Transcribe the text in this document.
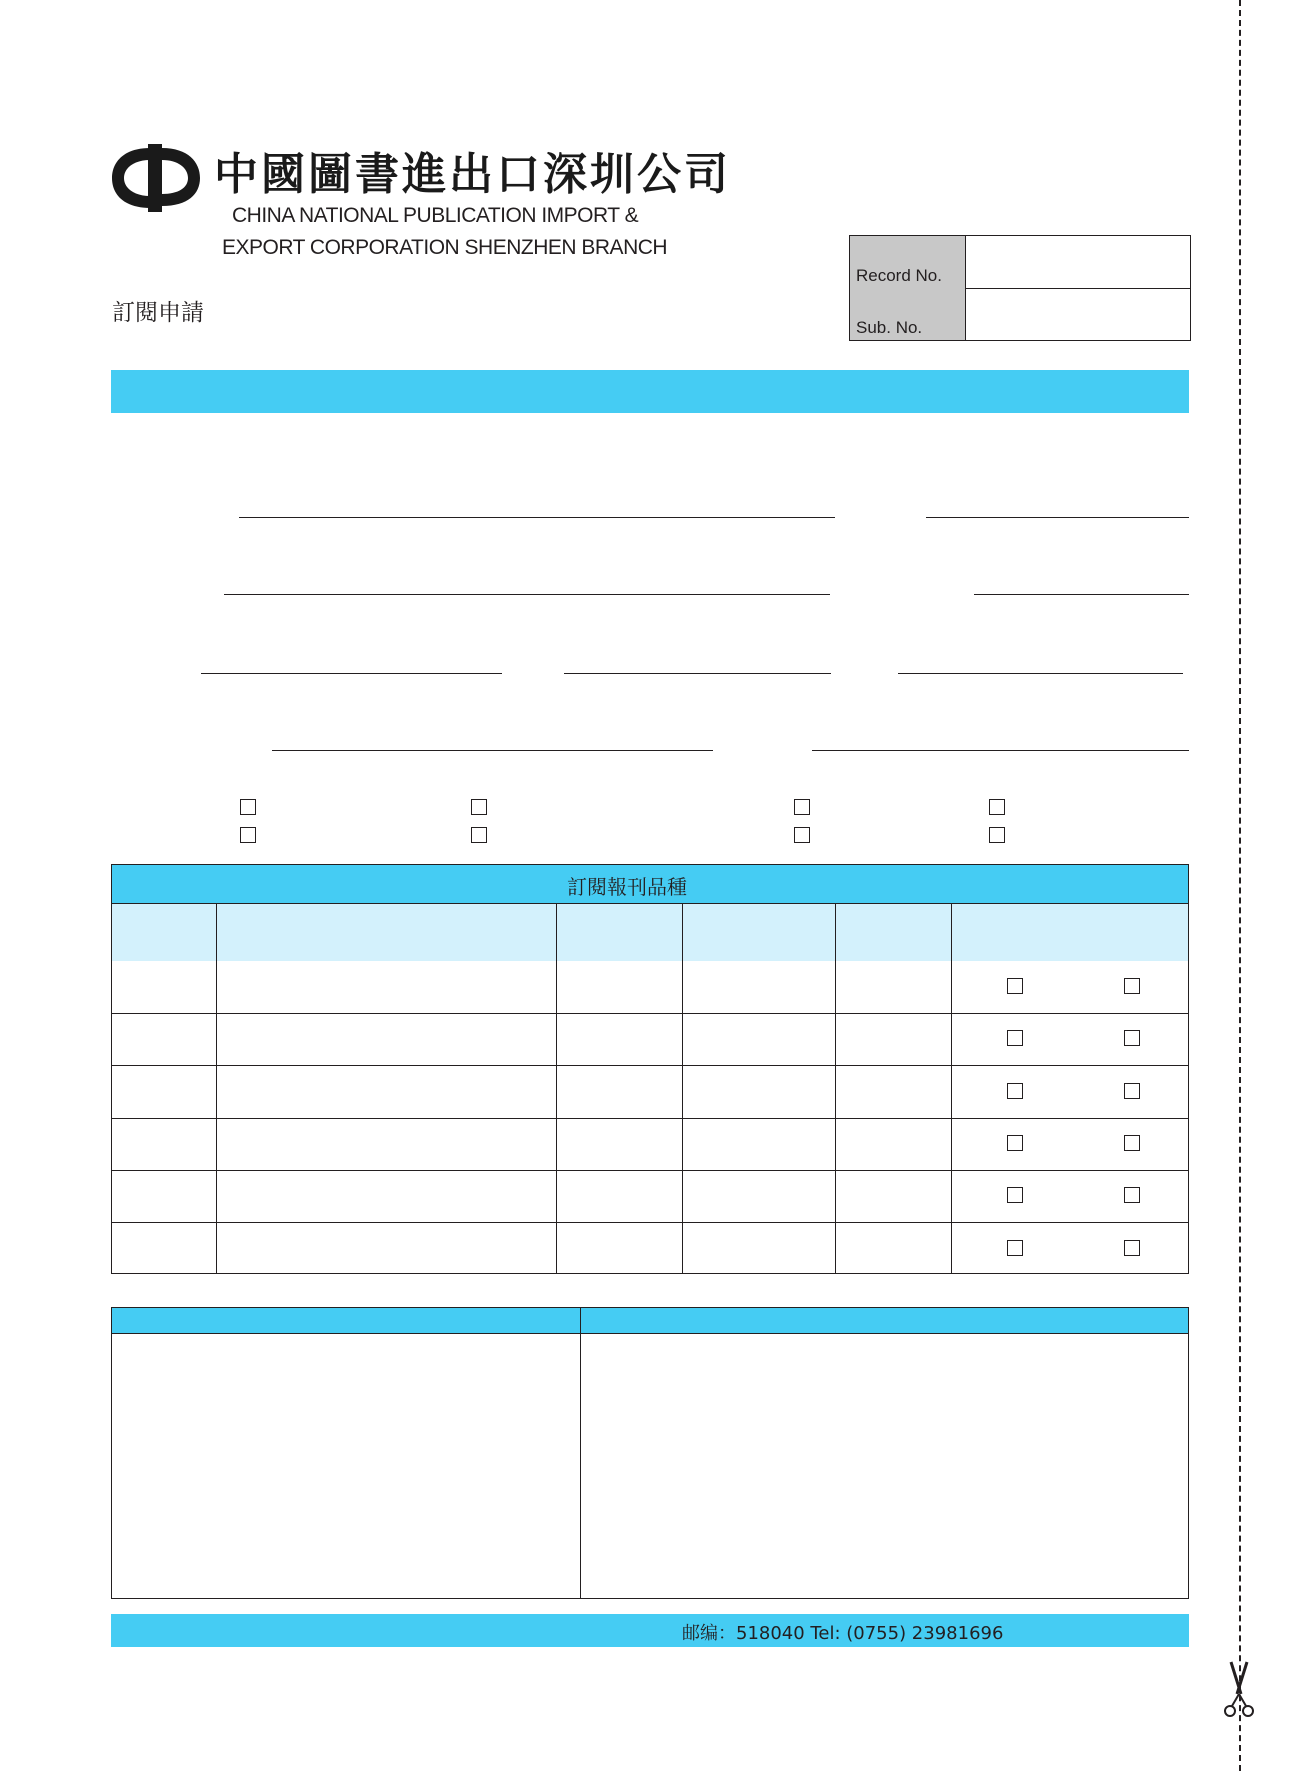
中國圖書進出口深圳公司
CHINA NATIONAL PUBLICATION IMPORT &
EXPORT CORPORATION SHENZHEN BRANCH
訂閱申請
Record No.
Sub. No.
訂閱報刊品種
邮编：518040 Tel: (0755) 23981696
